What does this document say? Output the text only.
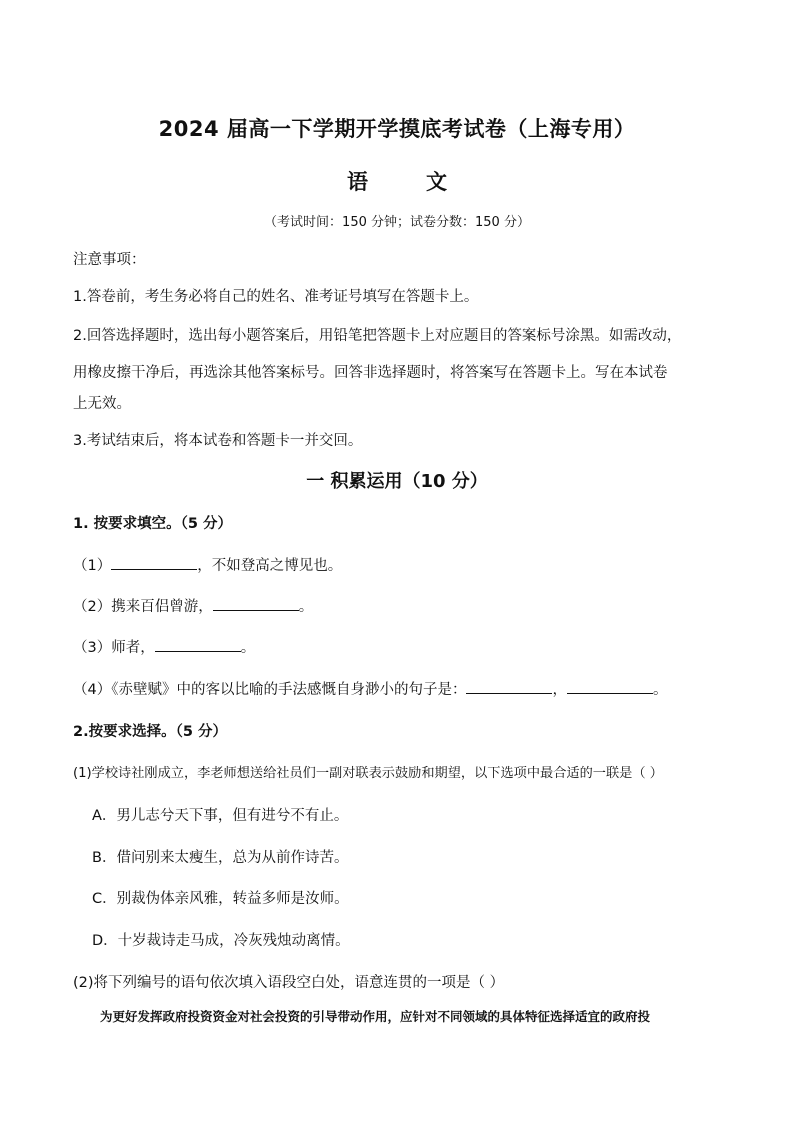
2024 届高一下学期开学摸底考试卷（上海专用）
语	文
（考试时间：150 分钟；试卷分数：150 分）
注意事项：
1.答卷前，考生务必将自己的姓名、准考证号填写在答题卡上。
2.回答选择题时，选出每小题答案后，用铅笔把答题卡上对应题目的答案标号涂黑。如需改动，
用橡皮擦干净后，再选涂其他答案标号。回答非选择题时，将答案写在答题卡上。写在本试卷
上无效。
3.考试结束后，将本试卷和答题卡一并交回。
一 积累运用（10 分）
1. 按要求填空。（5 分）
（1）	，不如登高之博见也。
（2）携来百侣曾游，	。
（3）师者，	。
（4）《赤壁赋》中的客以比喻的手法感慨自身渺小的句子是：	，	。
2.按要求选择。（5 分）
(1)学校诗社刚成立，李老师想送给社员们一副对联表示鼓励和期望，以下选项中最合适的一联是（ ）
A．男儿志兮天下事，但有进兮不有止。
B．借问别来太瘦生，总为从前作诗苦。
C．别裁伪体亲风雅，转益多师是汝师。
D．十岁裁诗走马成，冷灰残烛动离情。
(2)将下列编号的语句依次填入语段空白处，语意连贯的一项是（ ）
为更好发挥政府投资资金对社会投资的引导带动作用，应针对不同领域的具体特征选择适宜的政府投
